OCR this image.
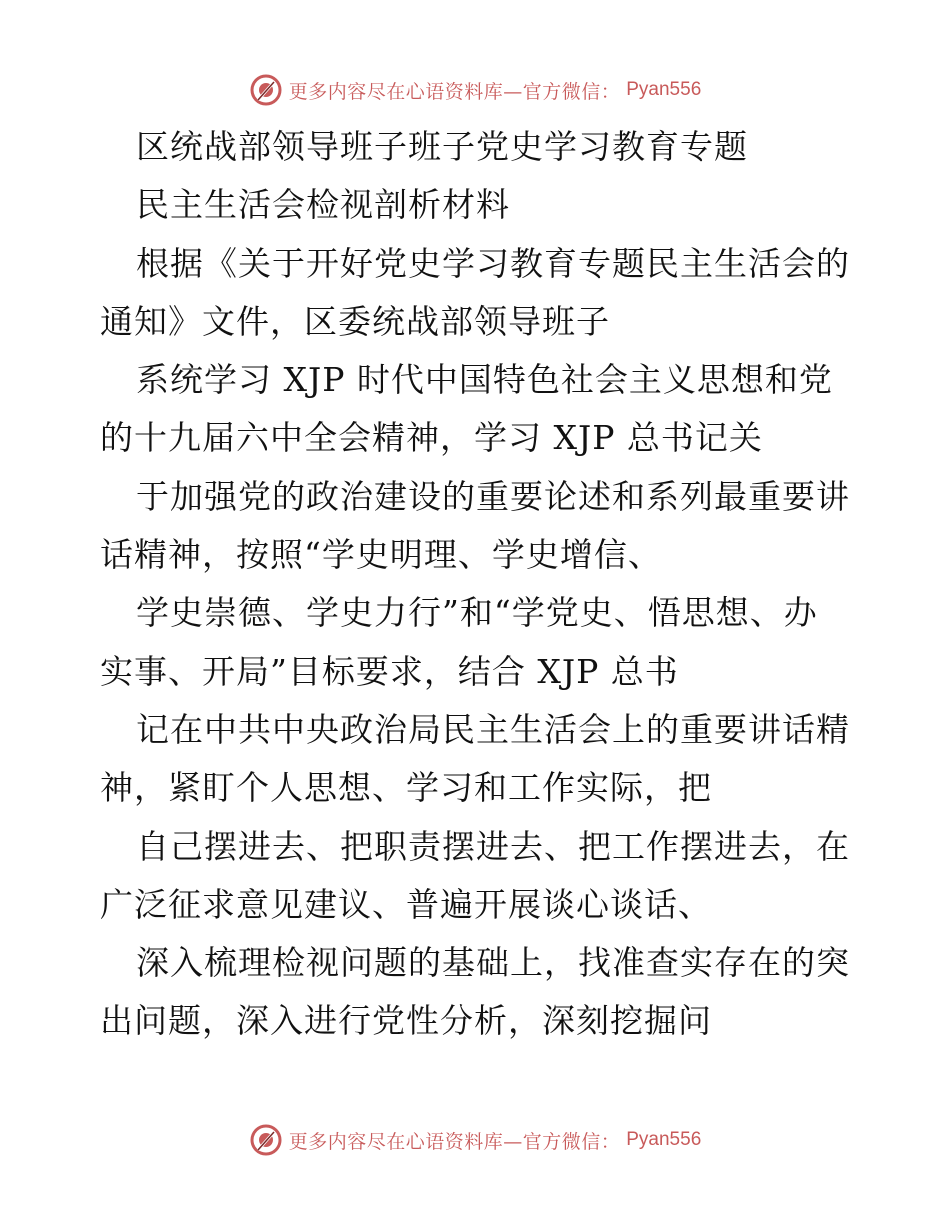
更多内容尽在心语资料库—官方微信： Pyan556
区统战部领导班子班子党史学习教育专题
民主生活会检视剖析材料
根据《关于开好党史学习教育专题民主生活会的
通知》文件，区委统战部领导班子
系统学习 XJP 时代中国特色社会主义思想和党
的十九届六中全会精神，学习 XJP 总书记关
于加强党的政治建设的重要论述和系列最重要讲
话精神，按照“学史明理、学史增信、
学史崇德、学史力行”和“学党史、悟思想、办
实事、开局”目标要求，结合 XJP 总书
记在中共中央政治局民主生活会上的重要讲话精
神，紧盯个人思想、学习和工作实际，把
自己摆进去、把职责摆进去、把工作摆进去，在
广泛征求意见建议、普遍开展谈心谈话、
深入梳理检视问题的基础上，找准查实存在的突
出问题，深入进行党性分析，深刻挖掘问
更多内容尽在心语资料库—官方微信： Pyan556
